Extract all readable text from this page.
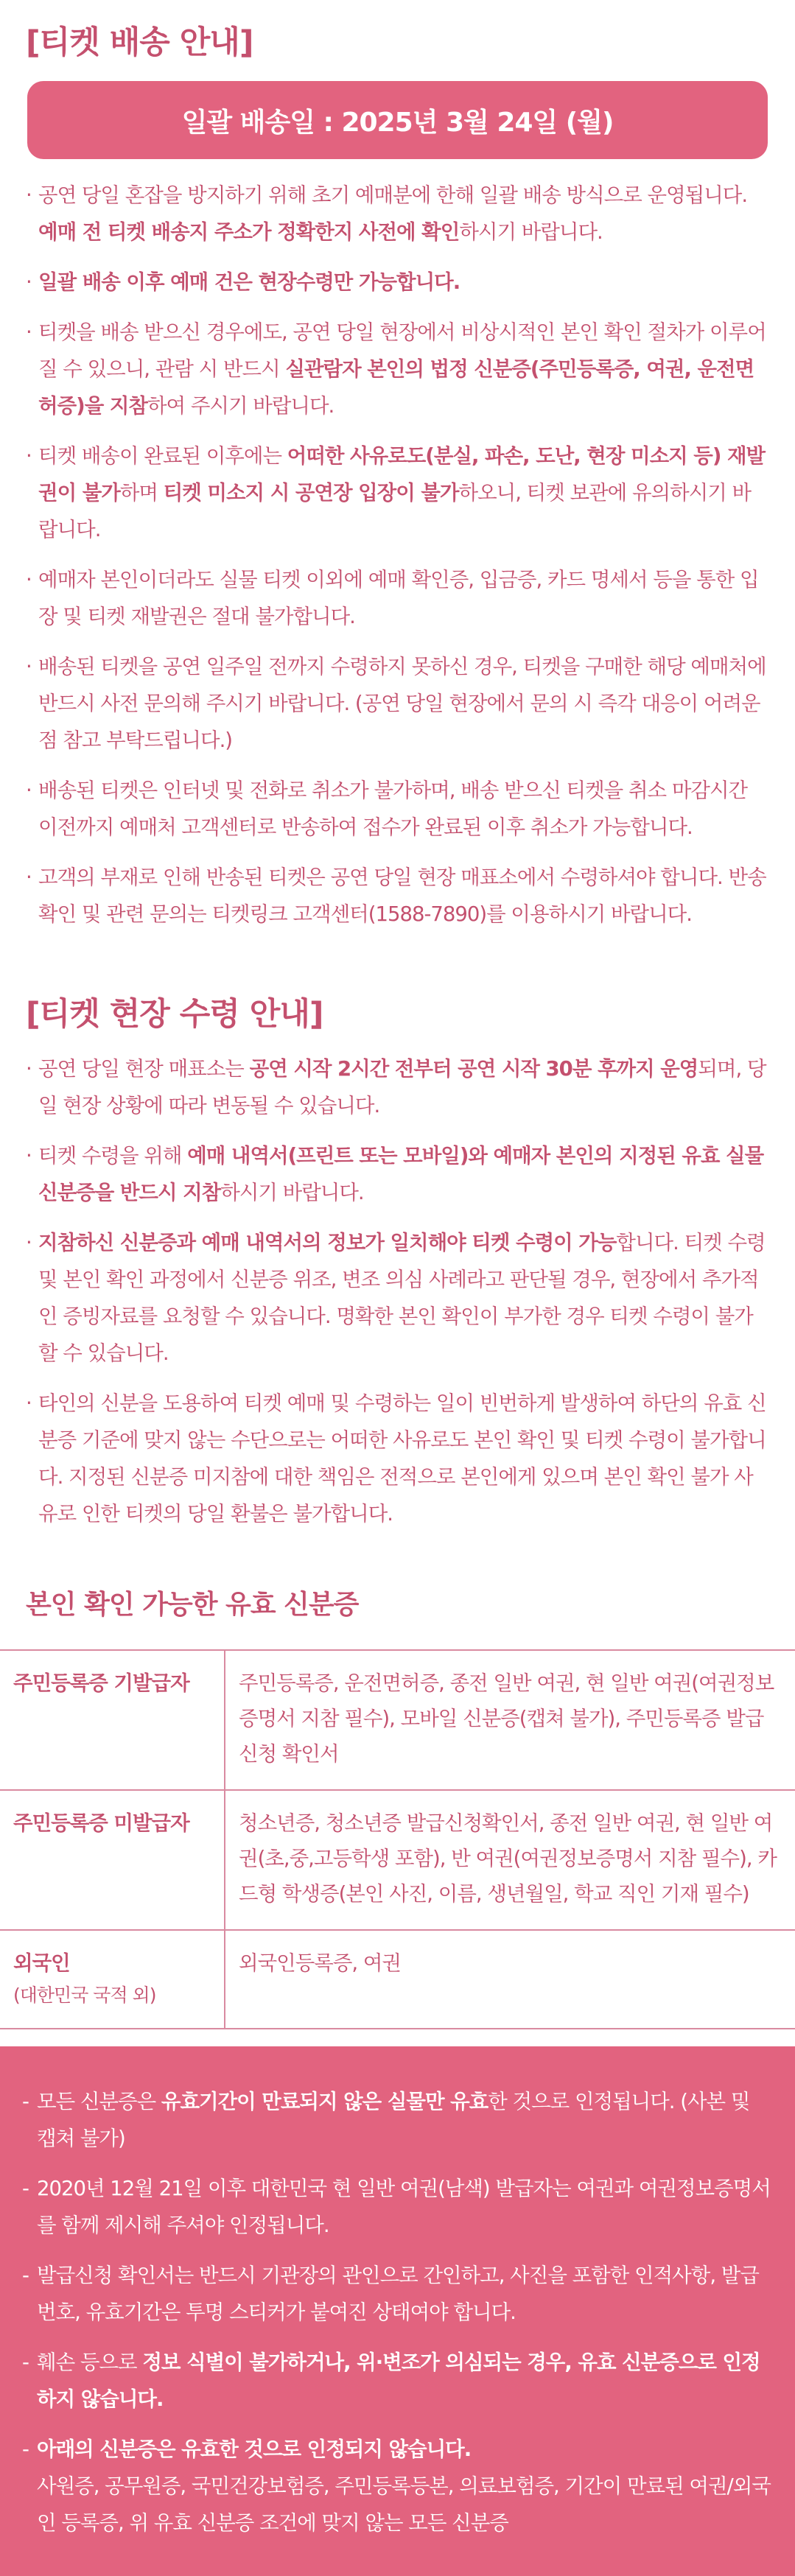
[티켓 배송 안내]
일괄 배송일 : 2025년 3월 24일 (월)

· 공연 당일 혼잡을 방지하기 위해 초기 예매분에 한해 일괄 배송 방식으로 운영됩니다. 예매 전 티켓 배송지 주소가 정확한지 사전에 확인하시기 바랍니다.

· 일괄 배송 이후 예매 건은 현장수령만 가능합니다.

· 티켓을 배송 받으신 경우에도, 공연 당일 현장에서 비상시적인 본인 확인 절차가 이루어질 수 있으니, 관람 시 반드시 실관람자 본인의 법정 신분증(주민등록증, 여권, 운전면허증)을 지참하여 주시기 바랍니다.

· 티켓 배송이 완료된 이후에는 어떠한 사유로도(분실, 파손, 도난, 현장 미소지 등) 재발권이 불가하며 티켓 미소지 시 공연장 입장이 불가하오니, 티켓 보관에 유의하시기 바랍니다.

· 예매자 본인이더라도 실물 티켓 이외에 예매 확인증, 입금증, 카드 명세서 등을 통한 입장 및 티켓 재발권은 절대 불가합니다.

· 배송된 티켓을 공연 일주일 전까지 수령하지 못하신 경우, 티켓을 구매한 해당 예매처에 반드시 사전 문의해 주시기 바랍니다. (공연 당일 현장에서 문의 시 즉각 대응이 어려운 점 참고 부탁드립니다.)

· 배송된 티켓은 인터넷 및 전화로 취소가 불가하며, 배송 받으신 티켓을 취소 마감시간 이전까지 예매처 고객센터로 반송하여 접수가 완료된 이후 취소가 가능합니다.

· 고객의 부재로 인해 반송된 티켓은 공연 당일 현장 매표소에서 수령하셔야 합니다. 반송 확인 및 관련 문의는 티켓링크 고객센터(1588-7890)를 이용하시기 바랍니다.

[티켓 현장 수령 안내]

· 공연 당일 현장 매표소는 공연 시작 2시간 전부터 공연 시작 30분 후까지 운영되며, 당일 현장 상황에 따라 변동될 수 있습니다.

· 티켓 수령을 위해 예매 내역서(프린트 또는 모바일)와 예매자 본인의 지정된 유효 실물 신분증을 반드시 지참하시기 바랍니다.

· 지참하신 신분증과 예매 내역서의 정보가 일치해야 티켓 수령이 가능합니다. 티켓 수령 및 본인 확인 과정에서 신분증 위조, 변조 의심 사례라고 판단될 경우, 현장에서 추가적인 증빙자료를 요청할 수 있습니다. 명확한 본인 확인이 부가한 경우 티켓 수령이 불가할 수 있습니다.

· 타인의 신분을 도용하여 티켓 예매 및 수령하는 일이 빈번하게 발생하여 하단의 유효 신분증 기준에 맞지 않는 수단으로는 어떠한 사유로도 본인 확인 및 티켓 수령이 불가합니다. 지정된 신분증 미지참에 대한 책임은 전적으로 본인에게 있으며 본인 확인 불가 사유로 인한 티켓의 당일 환불은 불가합니다.

본인 확인 가능한 유효 신분증
주민등록증 기발급자	주민등록증, 운전면허증, 종전 일반 여권, 현 일반 여권(여권정보증명서 지참 필수), 모바일 신분증(캡쳐 불가), 주민등록증 발급신청 확인서
주민등록증 미발급자	청소년증, 청소년증 발급신청확인서, 종전 일반 여권, 현 일반 여권(초,중,고등학생 포함), 반 여권(여권정보증명서 지참 필수), 카드형 학생증(본인 사진, 이름, 생년월일, 학교 직인 기재 필수)
외국인
(대한민국 국적 외)	외국인등록증, 여권

- 모든 신분증은 유효기간이 만료되지 않은 실물만 유효한 것으로 인정됩니다. (사본 및 캡쳐 불가)

- 2020년 12월 21일 이후 대한민국 현 일반 여권(남색) 발급자는 여권과 여권정보증명서를 함께 제시해 주셔야 인정됩니다.

- 발급신청 확인서는 반드시 기관장의 관인으로 간인하고, 사진을 포함한 인적사항, 발급번호, 유효기간은 투명 스티커가 붙여진 상태여야 합니다.

- 훼손 등으로 정보 식별이 불가하거나, 위·변조가 의심되는 경우, 유효 신분증으로 인정하지 않습니다.

- 아래의 신분증은 유효한 것으로 인정되지 않습니다.
사원증, 공무원증, 국민건강보험증, 주민등록등본, 의료보험증, 기간이 만료된 여권/외국인 등록증, 위 유효 신분증 조건에 맞지 않는 모든 신분증
